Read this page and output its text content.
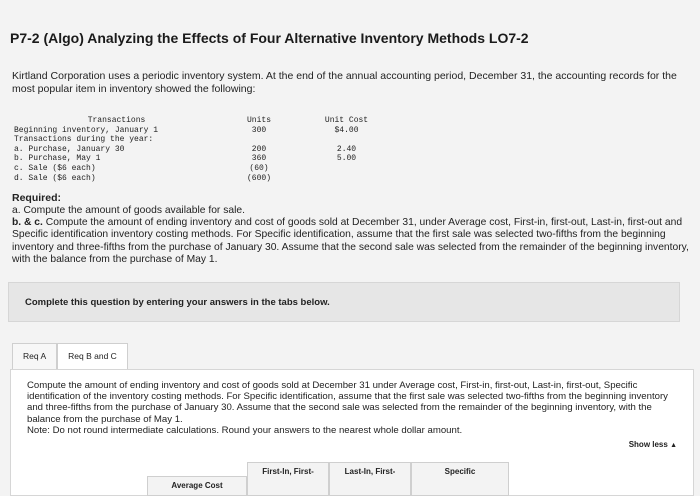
P7-2 (Algo) Analyzing the Effects of Four Alternative Inventory Methods LO7-2
Kirtland Corporation uses a periodic inventory system. At the end of the annual accounting period, December 31, the accounting records for the most popular item in inventory showed the following:
Transactions	Units	Unit Cost
Beginning inventory, January 1	300	$4.00
Transactions during the year:
a. Purchase, January 30	200	2.40
b. Purchase, May 1	360	5.00
c. Sale ($6 each)	(60)
d. Sale ($6 each)	(600)
Required:
a. Compute the amount of goods available for sale.
b. & c. Compute the amount of ending inventory and cost of goods sold at December 31, under Average cost, First-in, first-out, Last-in, first-out and Specific identification inventory costing methods. For Specific identification, assume that the first sale was selected two-fifths from the beginning inventory and three-fifths from the purchase of January 30. Assume that the second sale was selected from the remainder of the beginning inventory, with the balance from the purchase of May 1.
Complete this question by entering your answers in the tabs below.
Req A	Req B and C
Compute the amount of ending inventory and cost of goods sold at December 31 under Average cost, First-in, first-out, Last-in, first-out, Specific identification of the inventory costing methods. For Specific identification, assume that the first sale was selected two-fifths from the beginning inventory and three-fifths from the purchase of January 30. Assume that the second sale was selected from the remainder of the beginning inventory, with the balance from the purchase of May 1.
Note: Do not round intermediate calculations. Round your answers to the nearest whole dollar amount.
Show less ▲
Average Cost
First-In, First-	Last-In, First-	Specific
